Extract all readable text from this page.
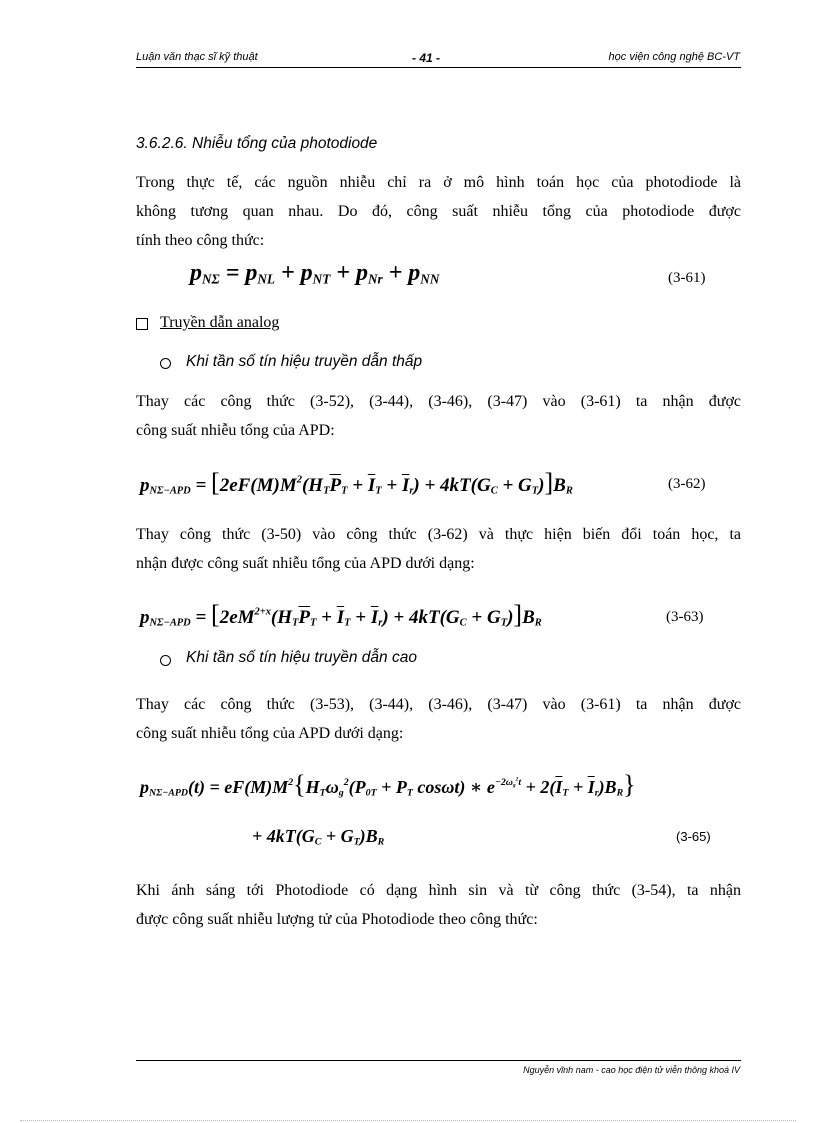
Luận văn thạc sĩ kỹ thuật	- 41 -	học viện công nghệ BC-VT
3.6.2.6. Nhiễu tổng của photodiode
Trong thực tế, các nguồn nhiễu chỉ ra ở mô hình toán học của photodiode là
không tương quan nhau. Do đó, công suất nhiễu tổng của photodiode được
tính theo công thức:
$p_{N\Sigma} = p_{NL} + p_{NT} + p_{Nr} + p_{NN}$	(3-61)
Truyền dẫn analog
Khi tần số tín hiệu truyền dẫn thấp
Thay các công thức (3-52), (3-44), (3-46), (3-47) vào (3-61) ta nhận được
công suất nhiễu tổng của APD:
$p_{N\Sigma-APD} = [2eF(M)M^2(H_T\overline{P}_T + \overline{I}_T + \overline{I}_r) + 4kT(G_C + G_T)]B_R$	(3-62)
Thay công thức (3-50) vào công thức (3-62) và thực hiện biến đổi toán học, ta
nhận được công suất nhiễu tổng của APD dưới dạng:
$p_{N\Sigma-APD} = [2eM^{2+x}(H_T\overline{P}_T + \overline{I}_T + \overline{I}_r) + 4kT(G_C + G_T)]B_R$	(3-63)
Khi tần số tín hiệu truyền dẫn cao
Thay các công thức (3-53), (3-44), (3-46), (3-47) vào (3-61) ta nhận được
công suất nhiễu tổng của APD dưới dạng:
$p_{N\Sigma-APD}(t) = eF(M)M^2\{H_T\omega_g^2(P_{0T} + P_T$ cosωt) ∗ $e^{-2\omega_g^2t} + 2(\overline{I}_T + \overline{I}_r)B_R$}
+ $4kT(G_C + G_T)B_R$	(3-65)
Khi ánh sáng tới Photodiode có dạng hình sin và từ công thức (3-54), ta nhận
được công suất nhiễu lượng tử của Photodiode theo công thức:
Nguyễn vĩnh nam - cao học điện tử viễn thông khoá IV
